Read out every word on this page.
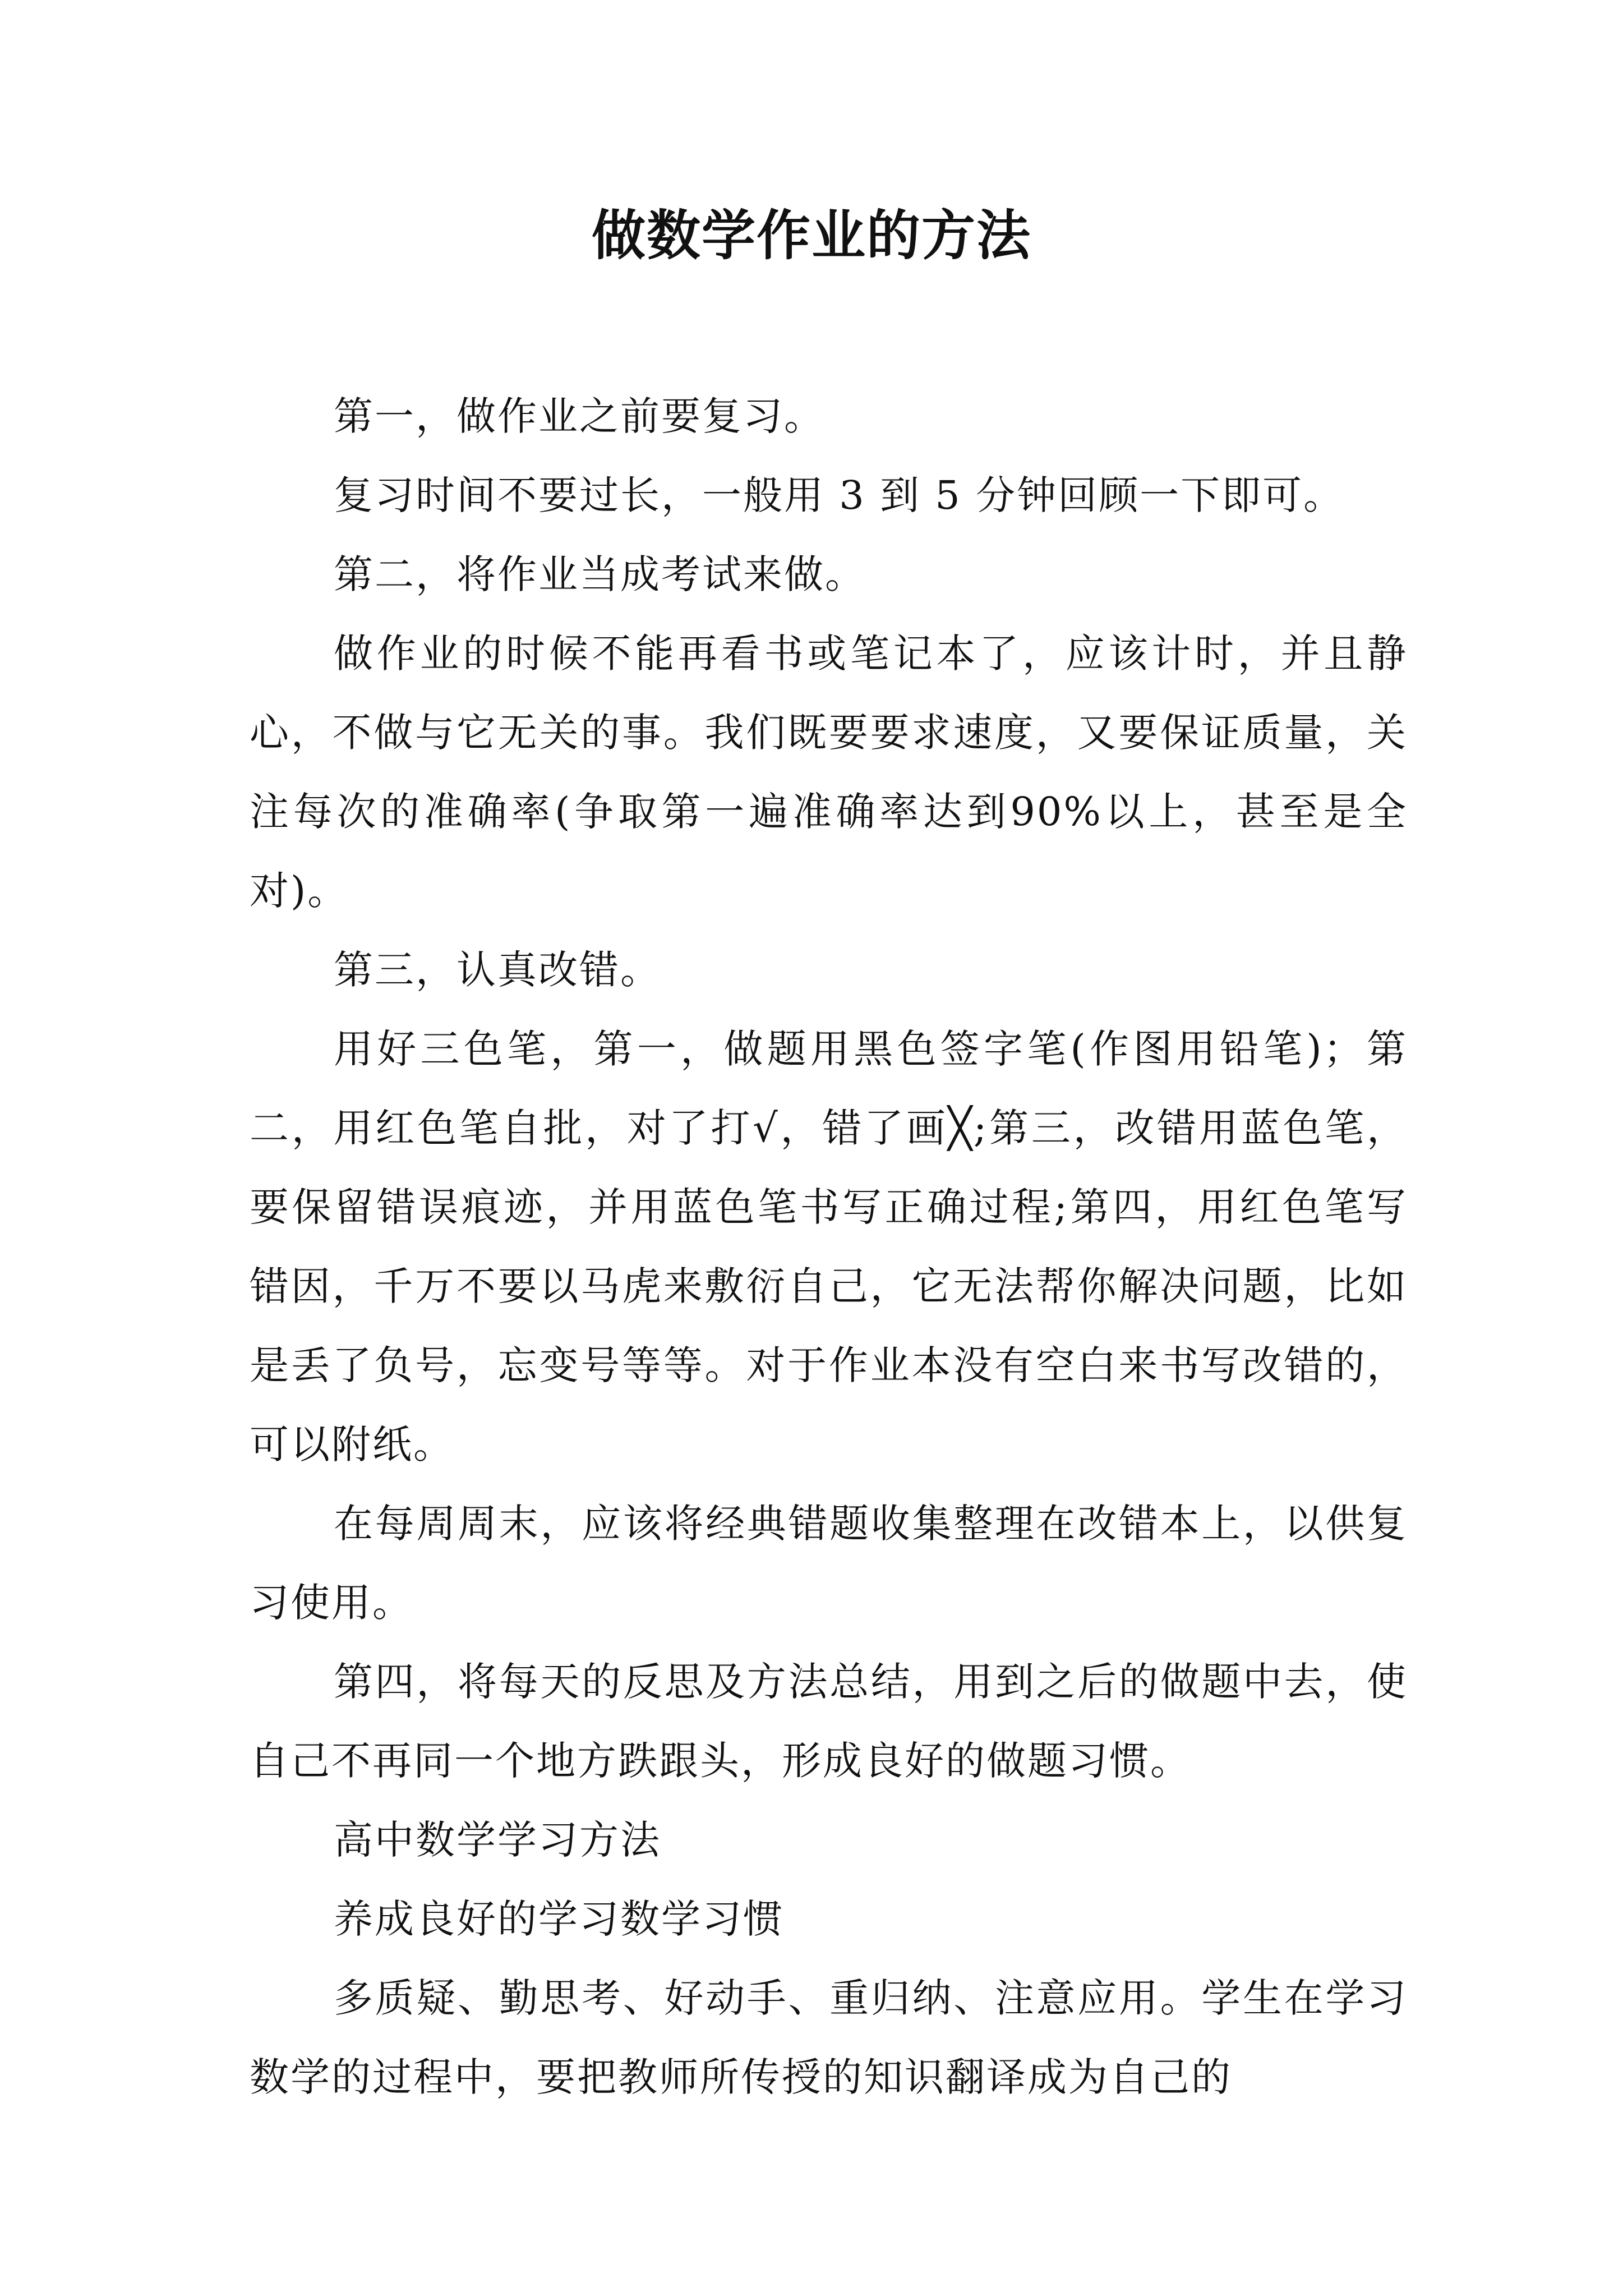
做数学作业的方法

第一，做作业之前要复习。

复习时间不要过长，一般用 3 到 5 分钟回顾一下即可。

第二，将作业当成考试来做。

做作业的时候不能再看书或笔记本了，应该计时，并且静心，不做与它无关的事。我们既要要求速度，又要保证质量，关注每次的准确率(争取第一遍准确率达到90%以上，甚至是全对)。

第三，认真改错。

用好三色笔，第一，做题用黑色签字笔(作图用铅笔)；第二，用红色笔自批，对了打√，错了画╳;第三，改错用蓝色笔，要保留错误痕迹，并用蓝色笔书写正确过程;第四，用红色笔写错因，千万不要以马虎来敷衍自己，它无法帮你解决问题，比如是丢了负号，忘变号等等。对于作业本没有空白来书写改错的，可以附纸。

在每周周末，应该将经典错题收集整理在改错本上，以供复习使用。

第四，将每天的反思及方法总结，用到之后的做题中去，使自己不再同一个地方跌跟头，形成良好的做题习惯。

高中数学学习方法

养成良好的学习数学习惯

多质疑、勤思考、好动手、重归纳、注意应用。学生在学习数学的过程中，要把教师所传授的知识翻译成为自己的
